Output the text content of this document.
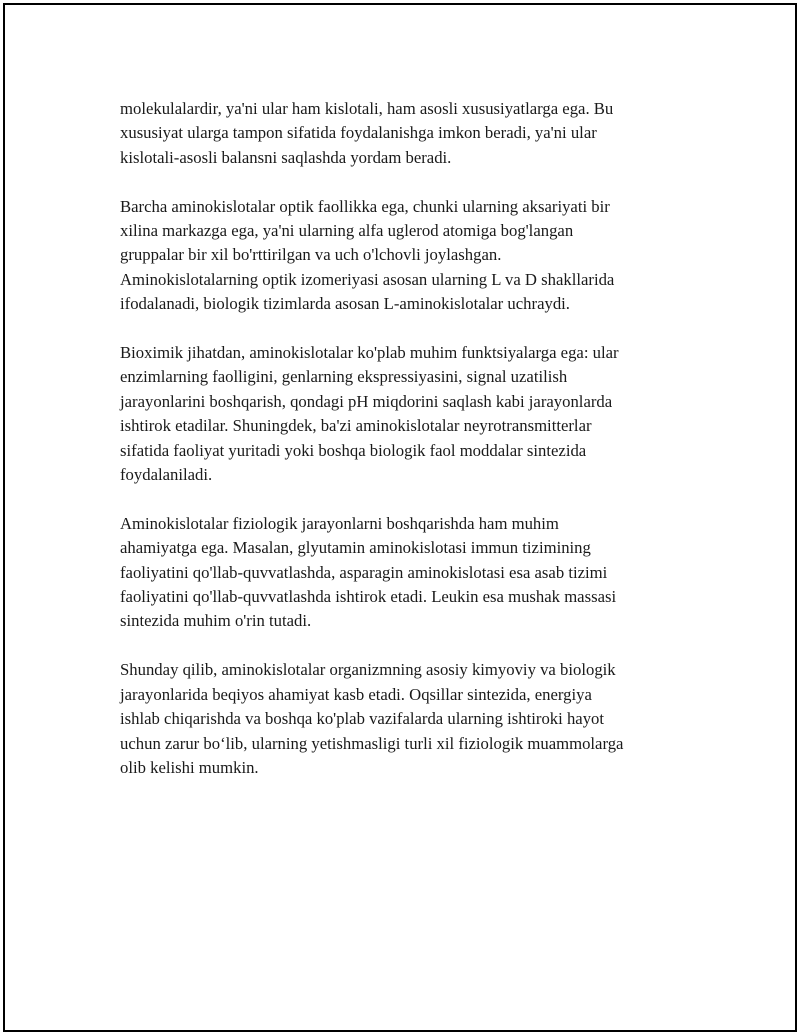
molekulalardir, ya'ni ular ham kislotali, ham asosli xususiyatlarga ega. Bu
xususiyat ularga tampon sifatida foydalanishga imkon beradi, ya'ni ular
kislotali-asosli balansni saqlashda yordam beradi.

Barcha aminokislotalar optik faollikka ega, chunki ularning aksariyati bir
xilina markazga ega, ya'ni ularning alfa uglerod atomiga bog'langan
gruppalar bir xil bo'rttirilgan va uch o'lchovli joylashgan.
Aminokislotalarning optik izomeriyasi asosan ularning L va D shakllarida
ifodalanadi, biologik tizimlarda asosan L-aminokislotalar uchraydi.

Bioximik jihatdan, aminokislotalar ko'plab muhim funktsiyalarga ega: ular
enzimlarning faolligini, genlarning ekspressiyasini, signal uzatilish
jarayonlarini boshqarish, qondagi pH miqdorini saqlash kabi jarayonlarda
ishtirok etadilar. Shuningdek, ba'zi aminokislotalar neyrotransmitterlar
sifatida faoliyat yuritadi yoki boshqa biologik faol moddalar sintezida
foydalaniladi.

Aminokislotalar fiziologik jarayonlarni boshqarishda ham muhim
ahamiyatga ega. Masalan, glyutamin aminokislotasi immun tizimining
faoliyatini qo'llab-quvvatlashda, asparagin aminokislotasi esa asab tizimi
faoliyatini qo'llab-quvvatlashda ishtirok etadi. Leukin esa mushak massasi
sintezida muhim o'rin tutadi.

Shunday qilib, aminokislotalar organizmning asosiy kimyoviy va biologik
jarayonlarida beqiyos ahamiyat kasb etadi. Oqsillar sintezida, energiya
ishlab chiqarishda va boshqa ko'plab vazifalarda ularning ishtiroki hayot
uchun zarur bo‘lib, ularning yetishmasligi turli xil fiziologik muammolarga
olib kelishi mumkin.
